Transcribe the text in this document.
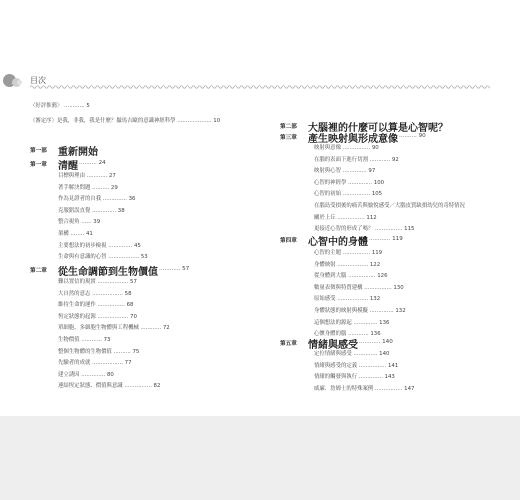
目次
〈好評推薦〉 ............ 5
〈審定序〉是我，非我，我是什麼？撮馬吉歐的意識神經科學 .................... 10
第一部 重新開始
第一章 清醒 .......... 24
目標與理由 ............ 27
著手解決問題 .......... 29
作為見證者的自我 .............. 36
克服錯誤直覺 .............. 38
整合視角 ...... 39
架構 ........ 41
主要想法的初步檢視 .............. 45
生命與有意識的心智 .................. 53
第二章 從生命調節到生物價值 ............ 57
難以置信的現實 .................. 57
大自然的意志 .................. 58
維持生命的運作 ................ 68
恆定狀態的起源 .................. 70
單細胞、多細胞生物體與工程機械 ............ 72
生物價值 ............ 73
整個生物體的生物價值 .......... 75
先驗者的成就 .................. 77
建立誘因 .............. 80
連結恆定狀態、價值與意識 ................ 82
第二部 大腦裡的什麼可以算是心智呢？
第三章 產生映射與形成意像 .......... 90
映射與意像 ................ 90
在腦的表面下進行切割 ............ 92
映射與心智 .............. 97
心智的神經學 .............. 100
心智的初始 ................ 105
在腦島受損後的痛苦與愉悅感受／大腦皮質缺損幼兒的奇特情況
關於上丘 ................ 112
更接近心智的形成了嗎？ ................ 115
第四章 心智中的身體 ............ 119
心智的主題 ................ 119
身體映射 .................. 122
從身體到大腦 ................ 126
數量表徵與特質建構 ................ 130
原始感受 .................. 132
身體狀態的映射與模擬 .............. 132
這個想法的源起 .............. 136
心懷身體的腦 ............ 136
第五章 情緒與感受 ............ 140
定位情緒與感受 .............. 140
情緒與感受的定義 ................ 141
情緒的觸發與執行 .............. 143
威廉．詹姆士的特殊案例 ................ 147
